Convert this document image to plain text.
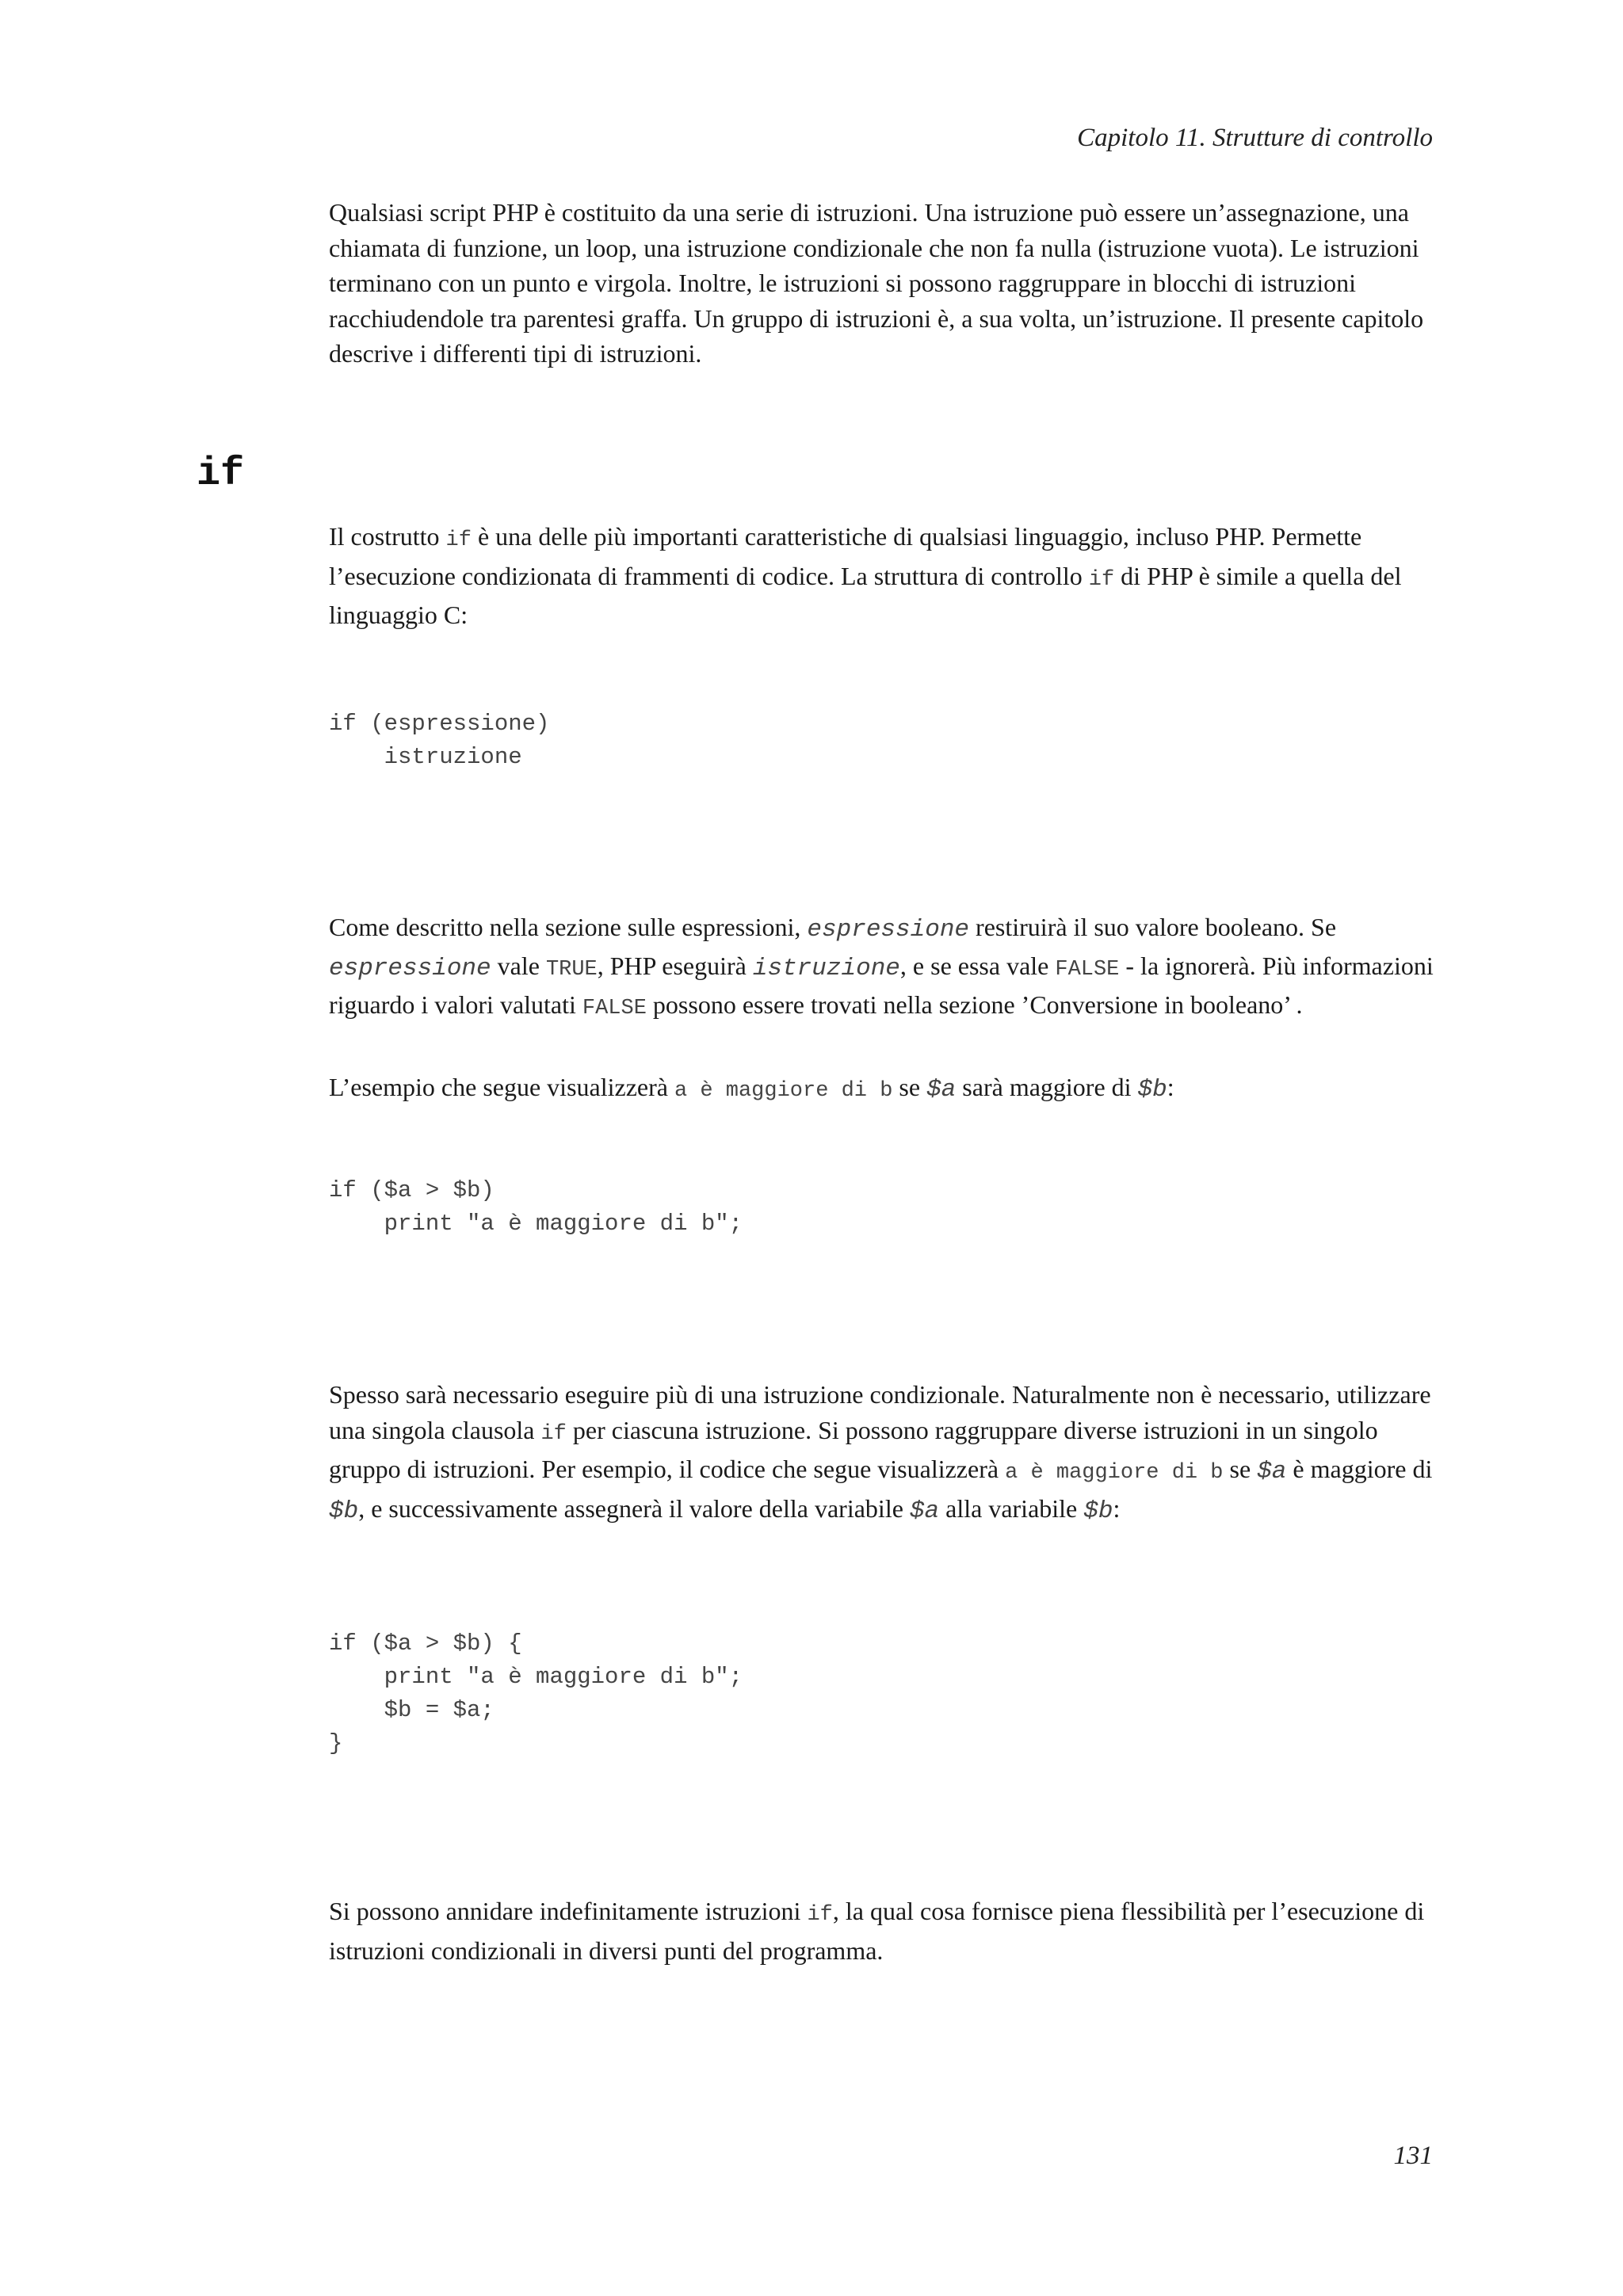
Capitolo 11. Strutture di controllo

Qualsiasi script PHP è costituito da una serie di istruzioni. Una istruzione può essere un’assegnazione, una chiamata di funzione, un loop, una istruzione condizionale che non fa nulla (istruzione vuota). Le istruzioni terminano con un punto e virgola. Inoltre, le istruzioni si possono raggruppare in blocchi di istruzioni racchiudendole tra parentesi graffa. Un gruppo di istruzioni è, a sua volta, un’istruzione. Il presente capitolo descrive i differenti tipi di istruzioni.

if

Il costrutto if è una delle più importanti caratteristiche di qualsiasi linguaggio, incluso PHP. Permette l’esecuzione condizionata di frammenti di codice. La struttura di controllo if di PHP è simile a quella del linguaggio C:

if (espressione)
istruzione

Come descritto nella sezione sulle espressioni, espressione restiruirà il suo valore booleano. Se espressione vale TRUE, PHP eseguirà istruzione, e se essa vale FALSE - la ignorerà. Più informazioni riguardo i valori valutati FALSE possono essere trovati nella sezione ’Conversione in booleano’ .

L’esempio che segue visualizzerà a è maggiore di b se $a sarà maggiore di $b:

if ($a > $b)
print "a è maggiore di b";

Spesso sarà necessario eseguire più di una istruzione condizionale. Naturalmente non è necessario, utilizzare una singola clausola if per ciascuna istruzione. Si possono raggruppare diverse istruzioni in un singolo gruppo di istruzioni. Per esempio, il codice che segue visualizzerà a è maggiore di b se $a è maggiore di $b, e successivamente assegnerà il valore della variabile $a alla variabile $b:

if ($a > $b) {
print "a è maggiore di b";
$b = $a;
}

Si possono annidare indefinitamente istruzioni if, la qual cosa fornisce piena flessibilità per l’esecuzione di istruzioni condizionali in diversi punti del programma.

131
